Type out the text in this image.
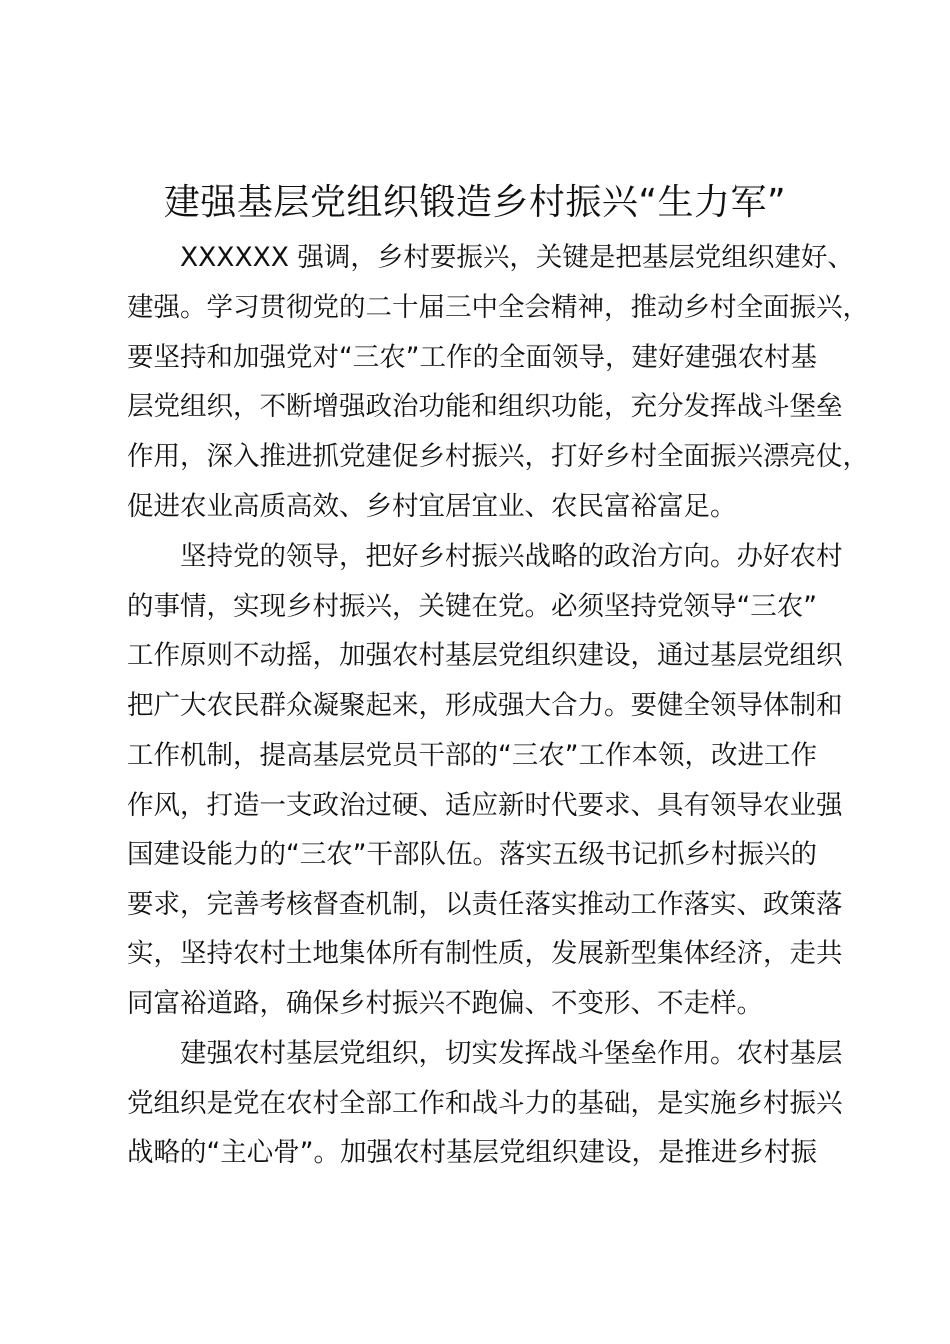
建强基层党组织锻造乡村振兴“生力军”
XXXXXX 强调，乡村要振兴，关键是把基层党组织建好、
建强。学习贯彻党的二十届三中全会精神，推动乡村全面振兴，
要坚持和加强党对“三农”工作的全面领导，建好建强农村基
层党组织，不断增强政治功能和组织功能，充分发挥战斗堡垒
作用，深入推进抓党建促乡村振兴，打好乡村全面振兴漂亮仗，
促进农业高质高效、乡村宜居宜业、农民富裕富足。
坚持党的领导，把好乡村振兴战略的政治方向。办好农村
的事情，实现乡村振兴，关键在党。必须坚持党领导“三农”
工作原则不动摇，加强农村基层党组织建设，通过基层党组织
把广大农民群众凝聚起来，形成强大合力。要健全领导体制和
工作机制，提高基层党员干部的“三农”工作本领，改进工作
作风，打造一支政治过硬、适应新时代要求、具有领导农业强
国建设能力的“三农”干部队伍。落实五级书记抓乡村振兴的
要求，完善考核督查机制，以责任落实推动工作落实、政策落
实，坚持农村土地集体所有制性质，发展新型集体经济，走共
同富裕道路，确保乡村振兴不跑偏、不变形、不走样。
建强农村基层党组织，切实发挥战斗堡垒作用。农村基层
党组织是党在农村全部工作和战斗力的基础，是实施乡村振兴
战略的“主心骨”。加强农村基层党组织建设，是推进乡村振
